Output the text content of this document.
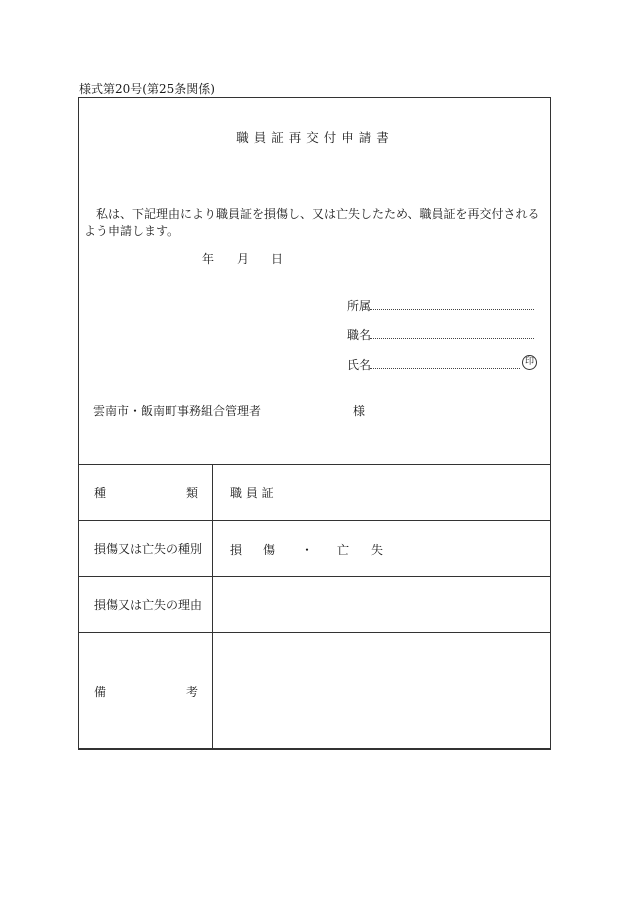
様式第20号(第25条関係)
職員証再交付申請書
私は、下記理由により職員証を損傷し、又は亡失したため、職員証を再交付されるよう申請します。
年 月 日
所属
職名
氏名	印
雲南市・飯南町事務組合管理者	様
種 類	職 員 証
損傷又は亡失の種別	損 傷 ・ 亡 失

損傷又は亡失の理由	

備 考	
